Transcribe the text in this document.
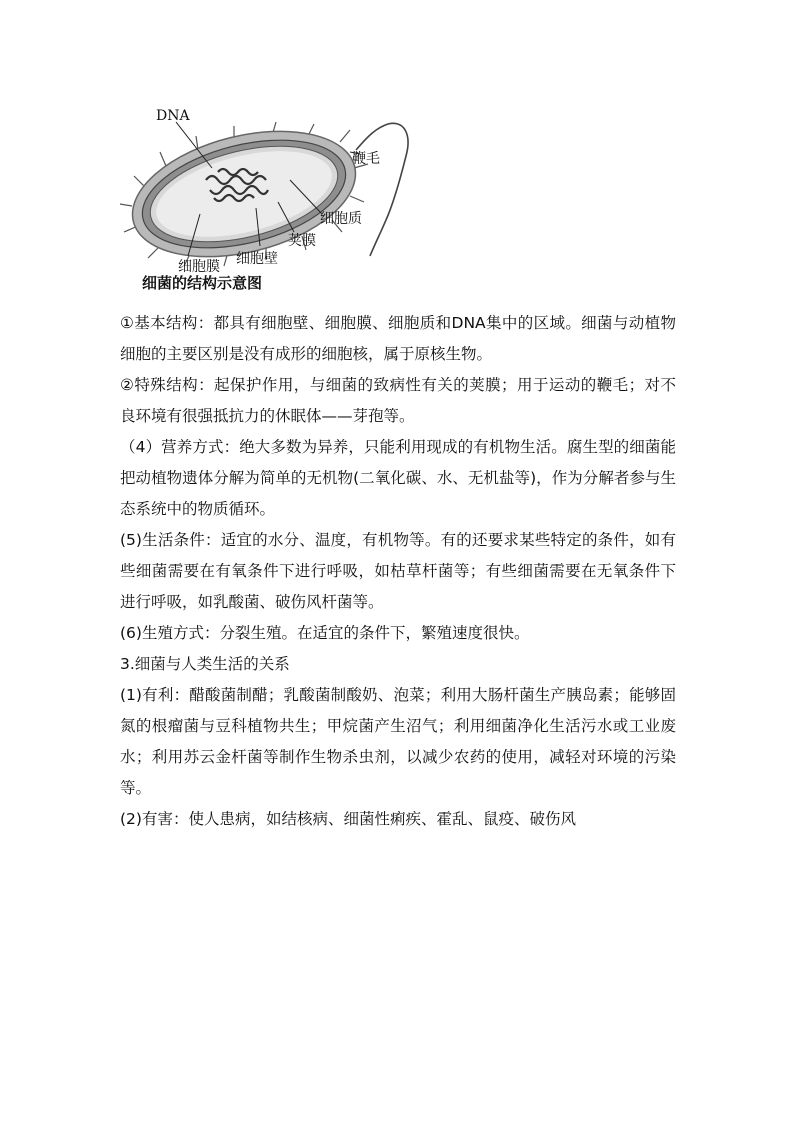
DNA
鞭毛
细胞质
荚膜
细胞壁
细胞膜
细菌的结构示意图

①基本结构：都具有细胞壁、细胞膜、细胞质和DNA集中的区域。细菌与动植物细胞的主要区别是没有成形的细胞核，属于原核生物。

②特殊结构：起保护作用，与细菌的致病性有关的荚膜；用于运动的鞭毛；对不良环境有很强抵抗力的休眠体——芽孢等。

（4）营养方式：绝大多数为异养，只能利用现成的有机物生活。腐生型的细菌能把动植物遗体分解为简单的无机物(二氧化碳、水、无机盐等)，作为分解者参与生态系统中的物质循环。

(5)生活条件：适宜的水分、温度，有机物等。有的还要求某些特定的条件，如有些细菌需要在有氧条件下进行呼吸，如枯草杆菌等；有些细菌需要在无氧条件下进行呼吸，如乳酸菌、破伤风杆菌等。

(6)生殖方式：分裂生殖。在适宜的条件下，繁殖速度很快。

3.细菌与人类生活的关系

(1)有利：醋酸菌制醋；乳酸菌制酸奶、泡菜；利用大肠杆菌生产胰岛素；能够固氮的根瘤菌与豆科植物共生；甲烷菌产生沼气；利用细菌净化生活污水或工业废水；利用苏云金杆菌等制作生物杀虫剂，以减少农药的使用，减轻对环境的污染等。

(2)有害：使人患病，如结核病、细菌性痢疾、霍乱、鼠疫、破伤风
